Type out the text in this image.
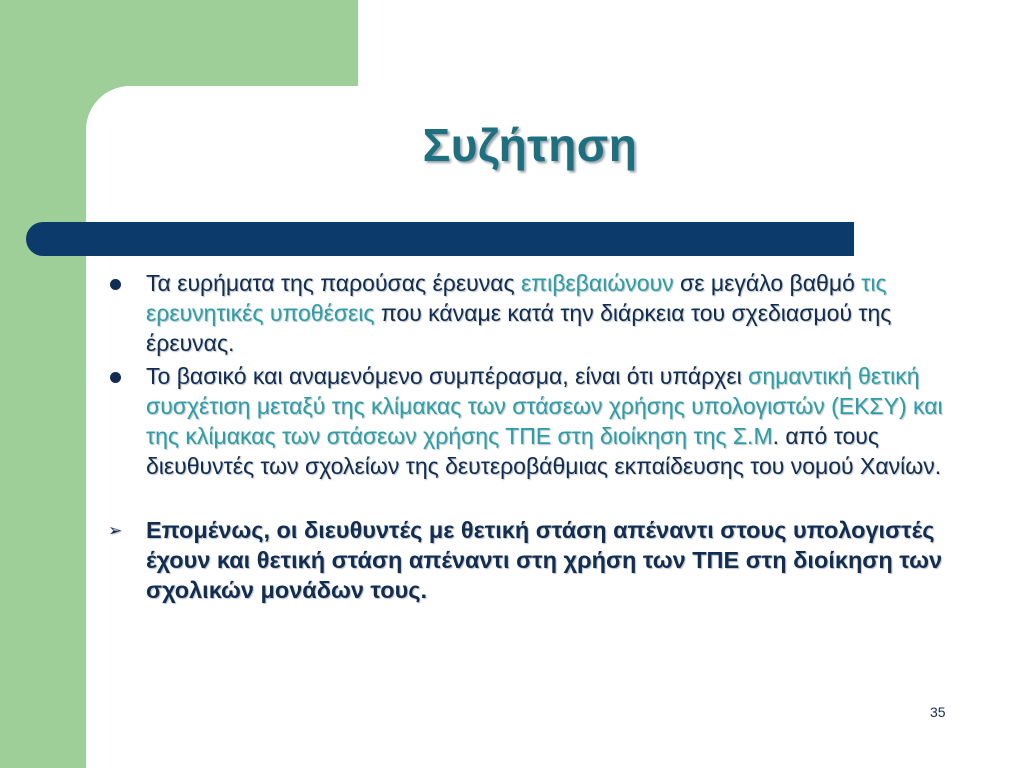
Συζήτηση
Τα ευρήματα της παρούσας έρευνας επιβεβαιώνουν σε μεγάλο βαθμό τις ερευνητικές υποθέσεις που κάναμε κατά την διάρκεια του σχεδιασμού της έρευνας.
Το βασικό και αναμενόμενο συμπέρασμα, είναι ότι υπάρχει σημαντική θετική συσχέτιση μεταξύ της κλίμακας των στάσεων χρήσης υπολογιστών (ΕΚΣΥ) και της κλίμακας των στάσεων χρήσης ΤΠΕ στη διοίκηση της Σ.Μ. από τους διευθυντές των σχολείων της δευτεροβάθμιας εκπαίδευσης του νομού Χανίων.
➢ Επομένως, οι διευθυντές με θετική στάση απέναντι στους υπολογιστές έχουν και θετική στάση απέναντι στη χρήση των ΤΠΕ στη διοίκηση των σχολικών μονάδων τους.
35
